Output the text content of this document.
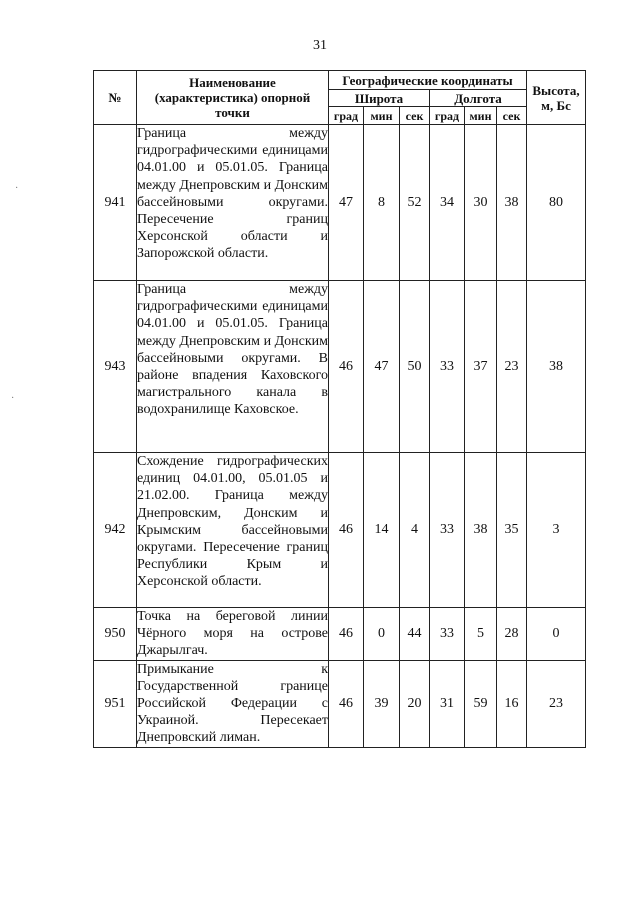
31
·
·
№	Наименование (характеристика) опорной точки	Географические координаты						Высота, м, Бс
		Широта			Долгота			
		град	мин	сек	град	мин	сек	
941	Граница между гидрографическими единицами 04.01.00 и 05.01.05. Граница между Днепровским и Донским бассейновыми округами. Пересечение границ Херсонской области и Запорожской области.	47	8	52	34	30	38	80
943	Граница между гидрографическими единицами 04.01.00 и 05.01.05. Граница между Днепровским и Донским бассейновыми округами. В районе впадения Каховского магистрального канала в водохранилище Каховское.	46	47	50	33	37	23	38
942	Схождение гидрографических единиц 04.01.00, 05.01.05 и 21.02.00. Граница между Днепровским, Донским и Крымским бассейновыми округами. Пересечение границ Республики Крым и Херсонской области.	46	14	4	33	38	35	3
950	Точка на береговой линии Чёрного моря на острове Джарылгач.	46	0	44	33	5	28	0
951	Примыкание к Государственной границе Российской Федерации с Украиной. Пересекает Днепровский лиман.	46	39	20	31	59	16	23
